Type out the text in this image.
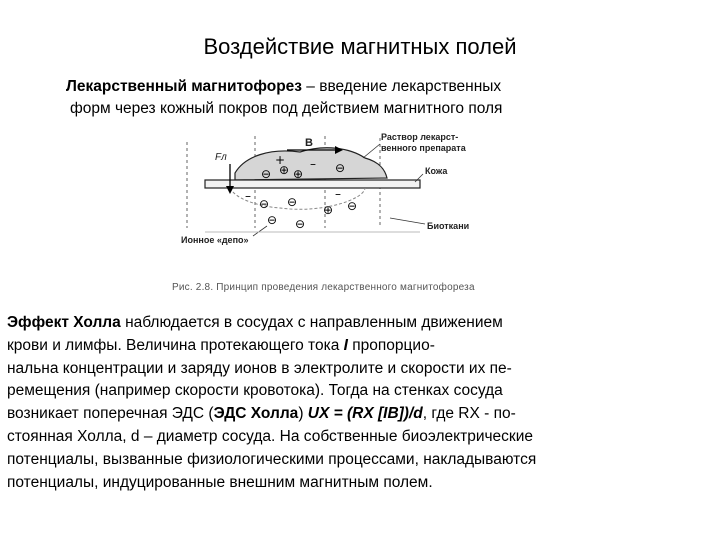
Воздействие магнитных полей
Лекарственный магнитофорез – введение лекарственных
форм через кожный покров под действием магнитного поля
⊖ ⊕ ⊕	⊖
⊖ ⊖
⊕ ⊖
⊖ ⊖
+ –
–	–
В
Fл
Раствор лекарст-
венного препарата
Кожа
Биоткани
Ионное «депо»
Рис. 2.8. Принцип проведения лекарственного магнитофореза
Эффект Холла наблюдается в сосудах с направленным движением
крови и лимфы. Величина протекающего тока I пропорцио-
нальна концентрации и заряду ионов в электролите и скорости их пе-
ремещения (например скорости кровотока). Тогда на стенках сосуда
возникает поперечная ЭДС (ЭДС Холла) UX = (RX [IB])/d, где RX - по-
стоянная Холла, d – диаметр сосуда. На собственные биоэлектрические
потенциалы, вызванные физиологическими процессами, накладываются
потенциалы, индуцированные внешним магнитным полем.
